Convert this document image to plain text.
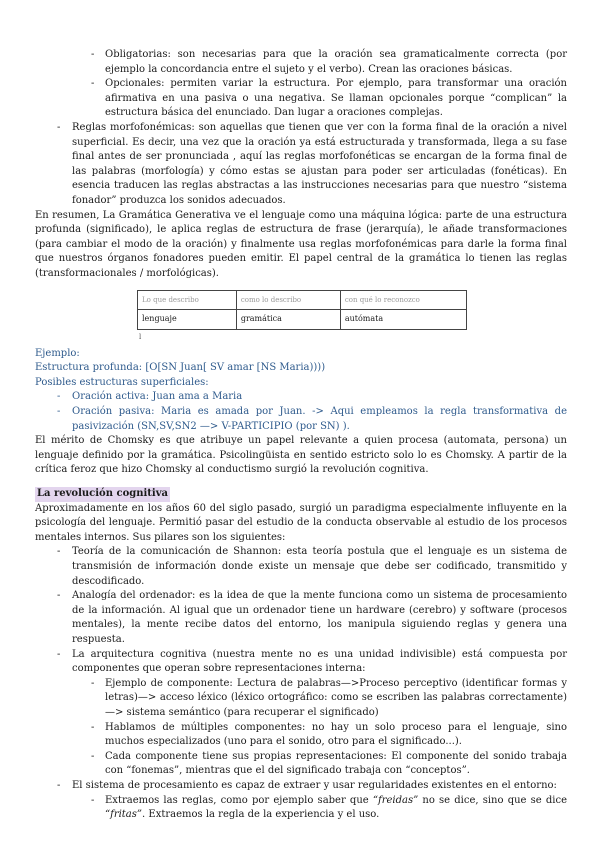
- Obligatorias: son necesarias para que la oración sea gramaticalmente correcta (por ejemplo la concordancia entre el sujeto y el verbo). Crean las oraciones básicas.
- Opcionales: permiten variar la estructura. Por ejemplo, para transformar una oración afirmativa en una pasiva o una negativa. Se llaman opcionales porque “complican” la estructura básica del enunciado. Dan lugar a oraciones complejas.
- Reglas morfofonémicas: son aquellas que tienen que ver con la forma final de la oración a nivel superficial. Es decir, una vez que la oración ya está estructurada y transformada, llega a su fase final antes de ser pronunciada , aquí las reglas morfofonéticas se encargan de la forma final de las palabras (morfología) y cómo estas se ajustan para poder ser articuladas (fonéticas). En esencia traducen las reglas abstractas a las instrucciones necesarias para que nuestro “sistema fonador” produzca los sonidos adecuados.
En resumen, La Gramática Generativa ve el lenguaje como una máquina lógica: parte de una estructura profunda (significado), le aplica reglas de estructura de frase (jerarquía), le añade transformaciones (para cambiar el modo de la oración) y finalmente usa reglas morfofonémicas para darle la forma final que nuestros órganos fonadores pueden emitir. El papel central de la gramática lo tienen las reglas (transformacionales / morfológicas).
Lo que describo	como lo describo	con qué lo reconozco
lenguaje	gramática	autómata
l
Ejemplo:
Estructura profunda: [O[SN Juan[ SV amar [NS Maria))))
Posibles estructuras superficiales:
- Oración activa: Juan ama a Maria
- Oración pasiva: Maria es amada por Juan. -> Aqui empleamos la regla transformativa de pasivización (SN,SV,SN2 —> V-PARTICIPIO (por SN) ).
El mérito de Chomsky es que atribuye un papel relevante a quien procesa (automata, persona) un lenguaje definido por la gramática. Psicolingüista en sentido estricto solo lo es Chomsky. A partir de la crítica feroz que hizo Chomsky al conductismo surgió la revolución cognitiva.
La revolución cognitiva
Aproximadamente en los años 60 del siglo pasado, surgió un paradigma especialmente influyente en la psicología del lenguaje. Permitió pasar del estudio de la conducta observable al estudio de los procesos mentales internos. Sus pilares son los siguientes:
- Teoría de la comunicación de Shannon: esta teoría postula que el lenguaje es un sistema de transmisión de información donde existe un mensaje que debe ser codificado, transmitido y descodificado.
- Analogía del ordenador: es la idea de que la mente funciona como un sistema de procesamiento de la información. Al igual que un ordenador tiene un hardware (cerebro) y software (procesos mentales), la mente recibe datos del entorno, los manipula siguiendo reglas y genera una respuesta.
- La arquitectura cognitiva (nuestra mente no es una unidad indivisible) está compuesta por componentes que operan sobre representaciones interna:
- Ejemplo de componente: Lectura de palabras—>Proceso perceptivo (identificar formas y letras)—> acceso léxico (léxico ortográfico: como se escriben las palabras correctamente)—> sistema semántico (para recuperar el significado)
- Hablamos de múltiples componentes: no hay un solo proceso para el lenguaje, sino muchos especializados (uno para el sonido, otro para el significado...).
- Cada componente tiene sus propias representaciones: El componente del sonido trabaja con “fonemas”, mientras que el del significado trabaja con “conceptos”.
- El sistema de procesamiento es capaz de extraer y usar regularidades existentes en el entorno:
- Extraemos las reglas, como por ejemplo saber que “freidas” no se dice, sino que se dice “fritas”. Extraemos la regla de la experiencia y el uso.
